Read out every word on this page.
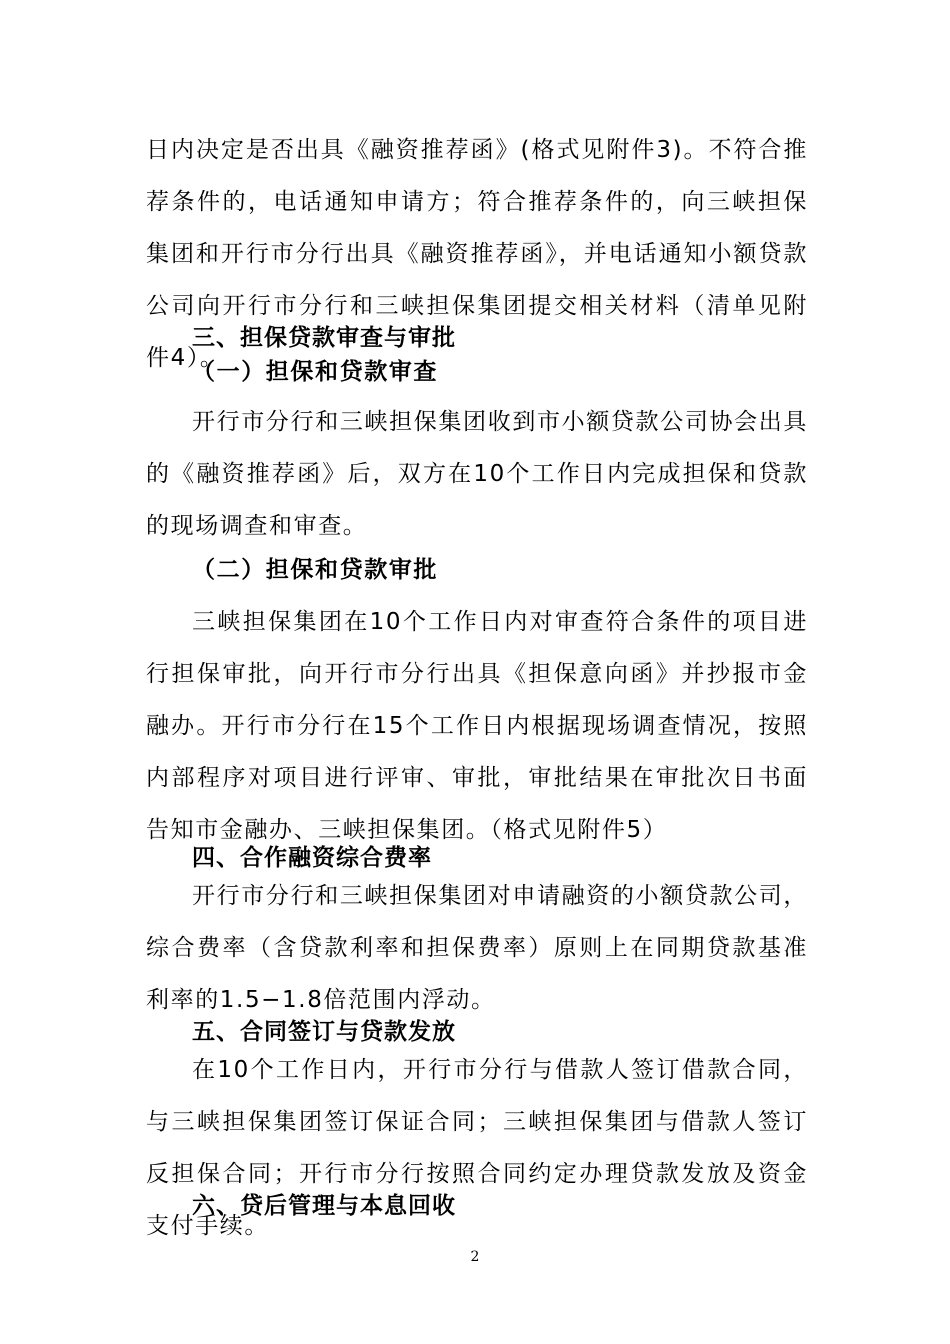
日内决定是否出具《融资推荐函》(格式见附件3)。不符合推荐条件的，电话通知申请方；符合推荐条件的，向三峡担保集团和开行市分行出具《融资推荐函》，并电话通知小额贷款公司向开行市分行和三峡担保集团提交相关材料（清单见附件4）。

三、担保贷款审查与审批
（一）担保和贷款审查

开行市分行和三峡担保集团收到市小额贷款公司协会出具的《融资推荐函》后，双方在10个工作日内完成担保和贷款的现场调查和审查。

（二）担保和贷款审批

三峡担保集团在10个工作日内对审查符合条件的项目进行担保审批，向开行市分行出具《担保意向函》并抄报市金融办。开行市分行在15个工作日内根据现场调查情况，按照内部程序对项目进行评审、审批，审批结果在审批次日书面告知市金融办、三峡担保集团。（格式见附件5）

四、合作融资综合费率

开行市分行和三峡担保集团对申请融资的小额贷款公司，综合费率（含贷款利率和担保费率）原则上在同期贷款基准利率的1.5−1.8倍范围内浮动。

五、合同签订与贷款发放

在10个工作日内，开行市分行与借款人签订借款合同，与三峡担保集团签订保证合同；三峡担保集团与借款人签订反担保合同；开行市分行按照合同约定办理贷款发放及资金支付手续。

六、贷后管理与本息回收
2
